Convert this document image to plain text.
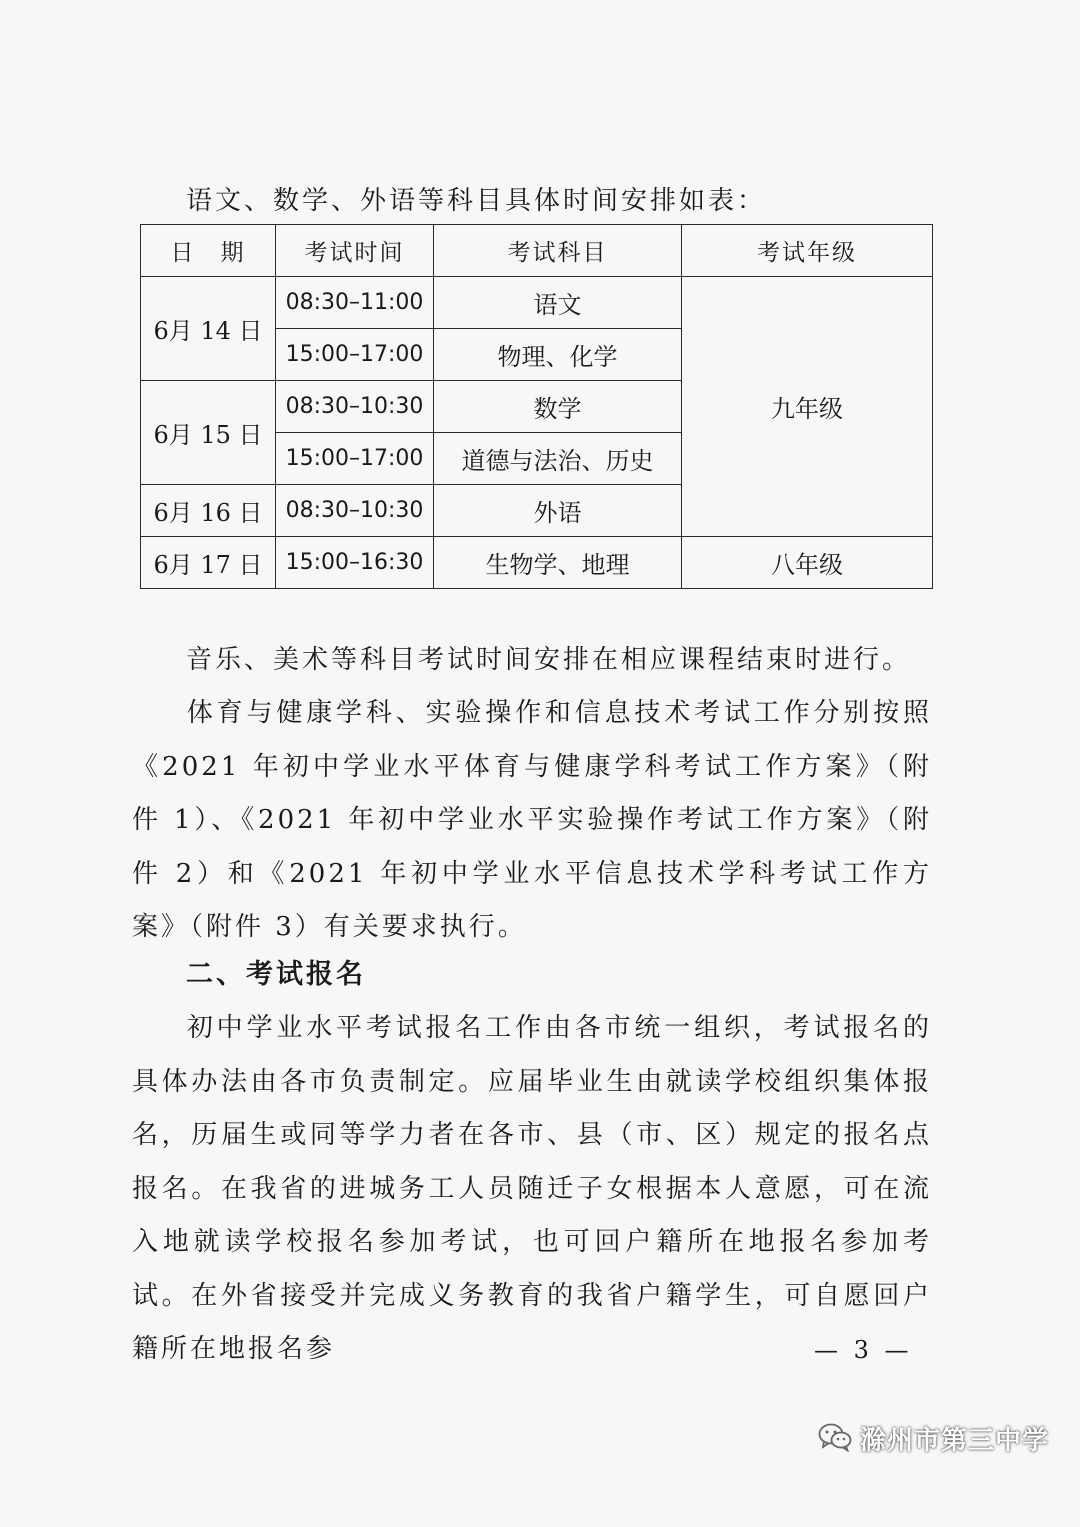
语文、数学、外语等科目具体时间安排如表：
日　期	考试时间	考试科目	考试年级
6月 14 日	08:30–11:00	语文	九年级
	15:00–17:00	物理、化学	
6月 15 日	08:30–10:30	数学	
	15:00–17:00	道德与法治、历史	
6月 16 日	08:30–10:30	外语	
6月 17 日	15:00–16:30	生物学、地理	八年级
音乐、美术等科目考试时间安排在相应课程结束时进行。
体育与健康学科、实验操作和信息技术考试工作分别按照《2021 年初中学业水平体育与健康学科考试工作方案》（附件 1）、《2021 年初中学业水平实验操作考试工作方案》（附件 2）和《2021 年初中学业水平信息技术学科考试工作方案》（附件 3）有关要求执行。
二、考试报名
初中学业水平考试报名工作由各市统一组织，考试报名的具体办法由各市负责制定。应届毕业生由就读学校组织集体报名，历届生或同等学力者在各市、县（市、区）规定的报名点报名。在我省的进城务工人员随迁子女根据本人意愿，可在流入地就读学校报名参加考试，也可回户籍所在地报名参加考试。在外省接受并完成义务教育的我省户籍学生，可自愿回户籍所在地报名参	— 3 —
滁州市第三中学
